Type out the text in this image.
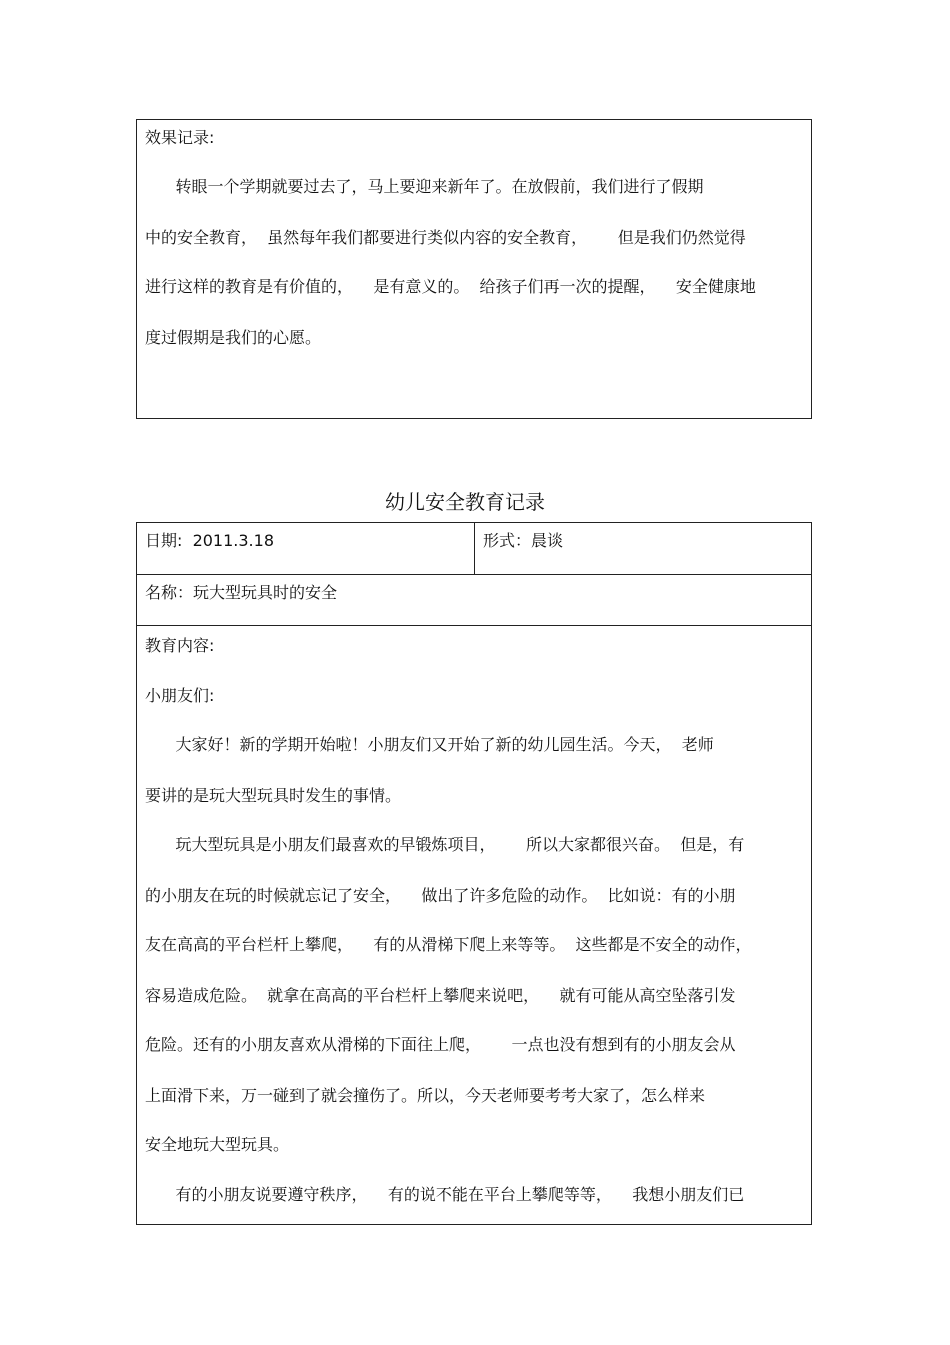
效果记录:
转眼一个学期就要过去了，马上要迎来新年了。在放假前，我们进行了假期
中的安全教育，  虽然每年我们都要进行类似内容的安全教育，      但是我们仍然觉得
进行这样的教育是有价值的，    是有意义的。  给孩子们再一次的提醒，    安全健康地
度过假期是我们的心愿。
幼儿安全教育记录
日期:  2011.3.18	形式：晨谈
名称：玩大型玩具时的安全
教育内容:
小朋友们:
大家好！新的学期开始啦！小朋友们又开始了新的幼儿园生活。今天，  老师
要讲的是玩大型玩具时发生的事情。
玩大型玩具是小朋友们最喜欢的早锻炼项目，      所以大家都很兴奋。  但是，有
的小朋友在玩的时候就忘记了安全，    做出了许多危险的动作。  比如说：有的小朋
友在高高的平台栏杆上攀爬，    有的从滑梯下爬上来等等。  这些都是不安全的动作，
容易造成危险。  就拿在高高的平台栏杆上攀爬来说吧，    就有可能从高空坠落引发
危险。还有的小朋友喜欢从滑梯的下面往上爬，      一点也没有想到有的小朋友会从
上面滑下来，万一碰到了就会撞伤了。所以，今天老师要考考大家了，怎么样来
安全地玩大型玩具。
有的小朋友说要遵守秩序，    有的说不能在平台上攀爬等等，    我想小朋友们已
